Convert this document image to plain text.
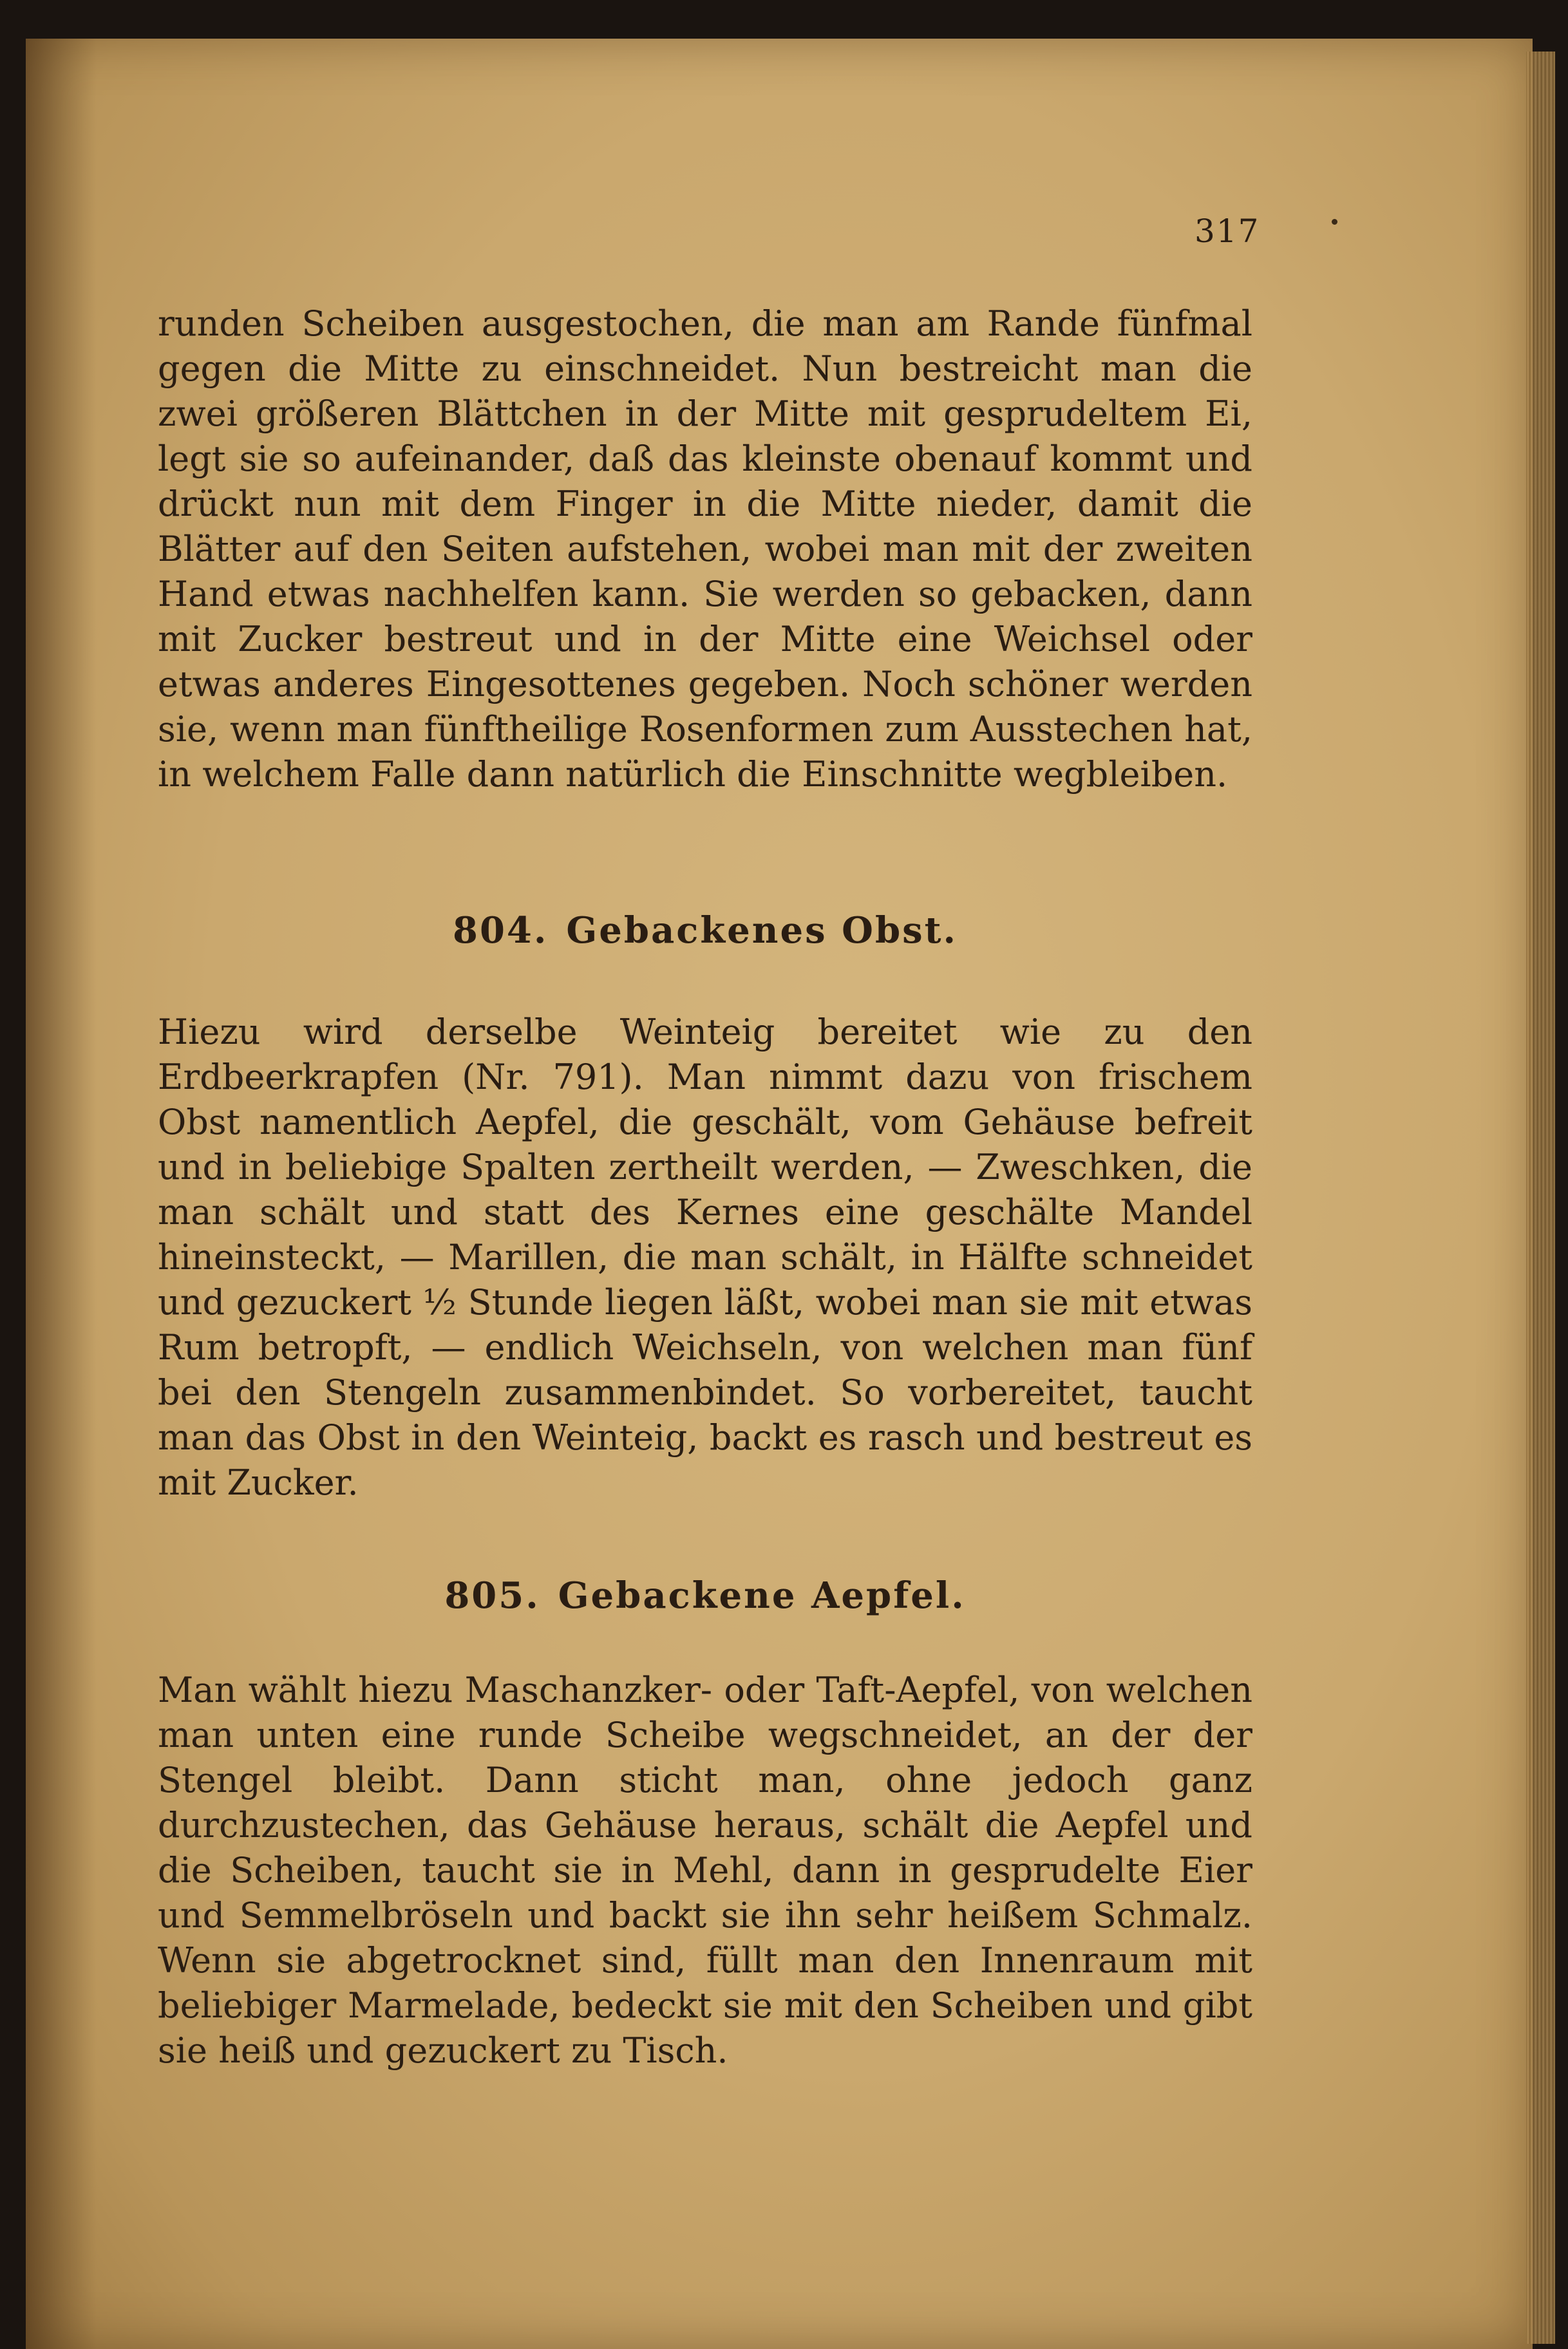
317
runden Scheiben ausgestochen, die man am Rande fünfmal gegen die Mitte zu einschneidet. Nun bestreicht man die zwei größeren Blättchen in der Mitte mit gesprudeltem Ei, legt sie so aufeinander, daß das kleinste obenauf kommt und drückt nun mit dem Finger in die Mitte nieder, damit die Blätter auf den Seiten aufstehen, wobei man mit der zweiten Hand etwas nachhelfen kann. Sie werden so gebacken, dann mit Zucker bestreut und in der Mitte eine Weichsel oder etwas anderes Eingesottenes gegeben. Noch schöner werden sie, wenn man fünftheilige Rosenformen zum Ausstechen hat, in welchem Falle dann natürlich die Einschnitte wegbleiben.
804. Gebackenes Obst.
Hiezu wird derselbe Weinteig bereitet wie zu den Erdbeerkrapfen (Nr. 791). Man nimmt dazu von frischem Obst namentlich Aepfel, die geschält, vom Gehäuse befreit und in beliebige Spalten zertheilt werden, — Zweschken, die man schält und statt des Kernes eine geschälte Mandel hineinsteckt, — Marillen, die man schält, in Hälfte schneidet und gezuckert ½ Stunde liegen läßt, wobei man sie mit etwas Rum betropft, — endlich Weichseln, von welchen man fünf bei den Stengeln zusammenbindet. So vorbereitet, taucht man das Obst in den Weinteig, backt es rasch und bestreut es mit Zucker.
805. Gebackene Aepfel.
Man wählt hiezu Maschanzker- oder Taft-Aepfel, von welchen man unten eine runde Scheibe wegschneidet, an der der Stengel bleibt. Dann sticht man, ohne jedoch ganz durchzustechen, das Gehäuse heraus, schält die Aepfel und die Scheiben, taucht sie in Mehl, dann in gesprudelte Eier und Semmelbröseln und backt sie ihn sehr heißem Schmalz. Wenn sie abgetrocknet sind, füllt man den Innenraum mit beliebiger Marmelade, bedeckt sie mit den Scheiben und gibt sie heiß und gezuckert zu Tisch.
